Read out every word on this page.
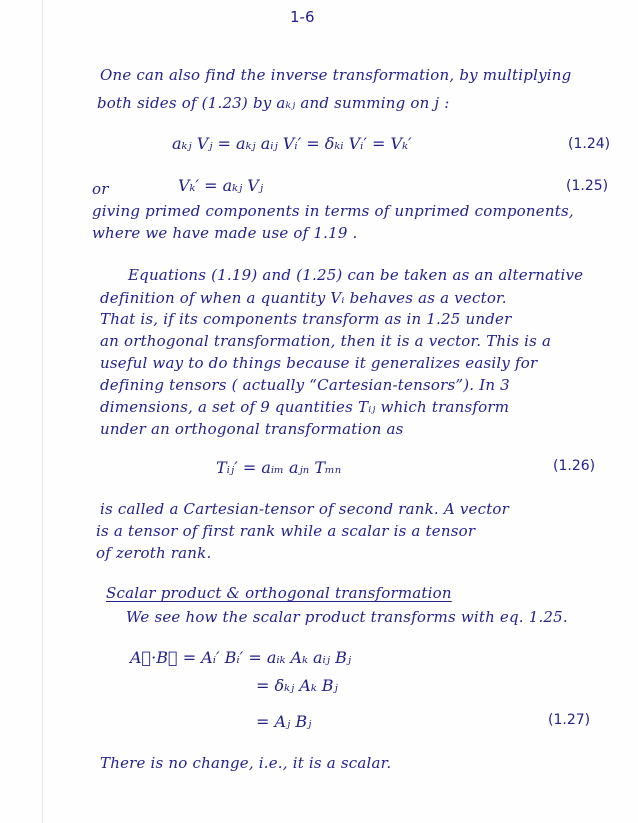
1-6
One can also find the inverse transformation, by multiplying
both sides of (1.23) by aₖⱼ and summing on j :
aₖⱼ Vⱼ = aₖⱼ aᵢⱼ Vᵢ′ = δₖᵢ Vᵢ′ = Vₖ′	(1.24)
or	Vₖ′ = aₖⱼ Vⱼ	(1.25)
giving primed components in terms of unprimed components,
where we have made use of 1.19 .
Equations (1.19) and (1.25) can be taken as an alternative
definition of when a quantity Vᵢ behaves as a vector.
That is, if its components transform as in 1.25 under
an orthogonal transformation, then it is a vector. This is a
useful way to do things because it generalizes easily for
defining tensors ( actually “Cartesian-tensors”). In 3
dimensions, a set of 9 quantities Tᵢⱼ which transform
under an orthogonal transformation as
Tᵢⱼ′ = aᵢₘ aⱼₙ Tₘₙ	(1.26)
is called a Cartesian-tensor of second rank. A vector
is a tensor of first rank while a scalar is a tensor
of zeroth rank.
Scalar product & orthogonal transformation
We see how the scalar product transforms with eq. 1.25.
A⃗·B⃗ = Aᵢ′ Bᵢ′ = aᵢₖ Aₖ aᵢⱼ Bⱼ
= δₖⱼ Aₖ Bⱼ
= Aⱼ Bⱼ	(1.27)
There is no change, i.e., it is a scalar.
